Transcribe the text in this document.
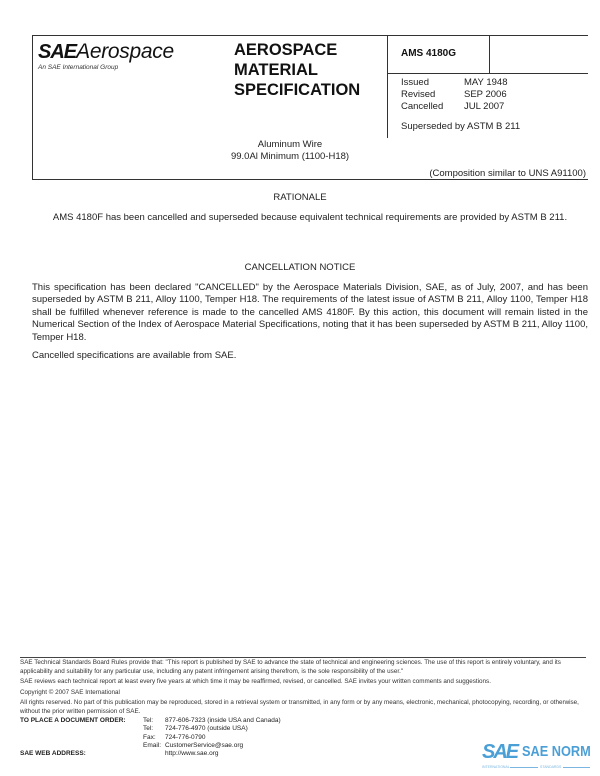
SAEAerospace
An SAE International Group
AEROSPACE
MATERIAL
SPECIFICATION
AMS 4180G
Issued	MAY 1948
Revised	SEP 2006
Cancelled	JUL 2007
Superseded by ASTM B 211
Aluminum Wire
99.0Al Minimum (1100-H18)
(Composition similar to UNS A91100)
RATIONALE
AMS 4180F has been cancelled and superseded because equivalent technical requirements are provided by ASTM B 211.
CANCELLATION NOTICE
This specification has been declared "CANCELLED" by the Aerospace Materials Division, SAE, as of July, 2007, and has been superseded by ASTM B 211, Alloy 1100, Temper H18. The requirements of the latest issue of ASTM B 211, Alloy 1100, Temper H18 shall be fulfilled whenever reference is made to the cancelled AMS 4180F. By this action, this document will remain listed in the Numerical Section of the Index of Aerospace Material Specifications, noting that it has been superseded by ASTM B 211, Alloy 1100, Temper H18.
Cancelled specifications are available from SAE.

SAE Technical Standards Board Rules provide that: "This report is published by SAE to advance the state of technical and engineering sciences. The use of this report is entirely voluntary, and its applicability and suitability for any particular use, including any patent infringement arising therefrom, is the sole responsibility of the user."

SAE reviews each technical report at least every five years at which time it may be reaffirmed, revised, or cancelled. SAE invites your written comments and suggestions.

Copyright © 2007 SAE International

All rights reserved. No part of this publication may be reproduced, stored in a retrieval system or transmitted, in any form or by any means, electronic, mechanical, photocopying, recording, or otherwise, without the prior written permission of SAE.

TO PLACE A DOCUMENT ORDER:	Tel:	877-606-7323 (inside USA and Canada)
Tel:	724-776-4970 (outside USA)
Fax:	724-776-0790
Email: CustomerService@sae.org
SAE WEB ADDRESS:	http://www.sae.org	SAE SAE NORM
INTERNATIONAL	STANDARDS
